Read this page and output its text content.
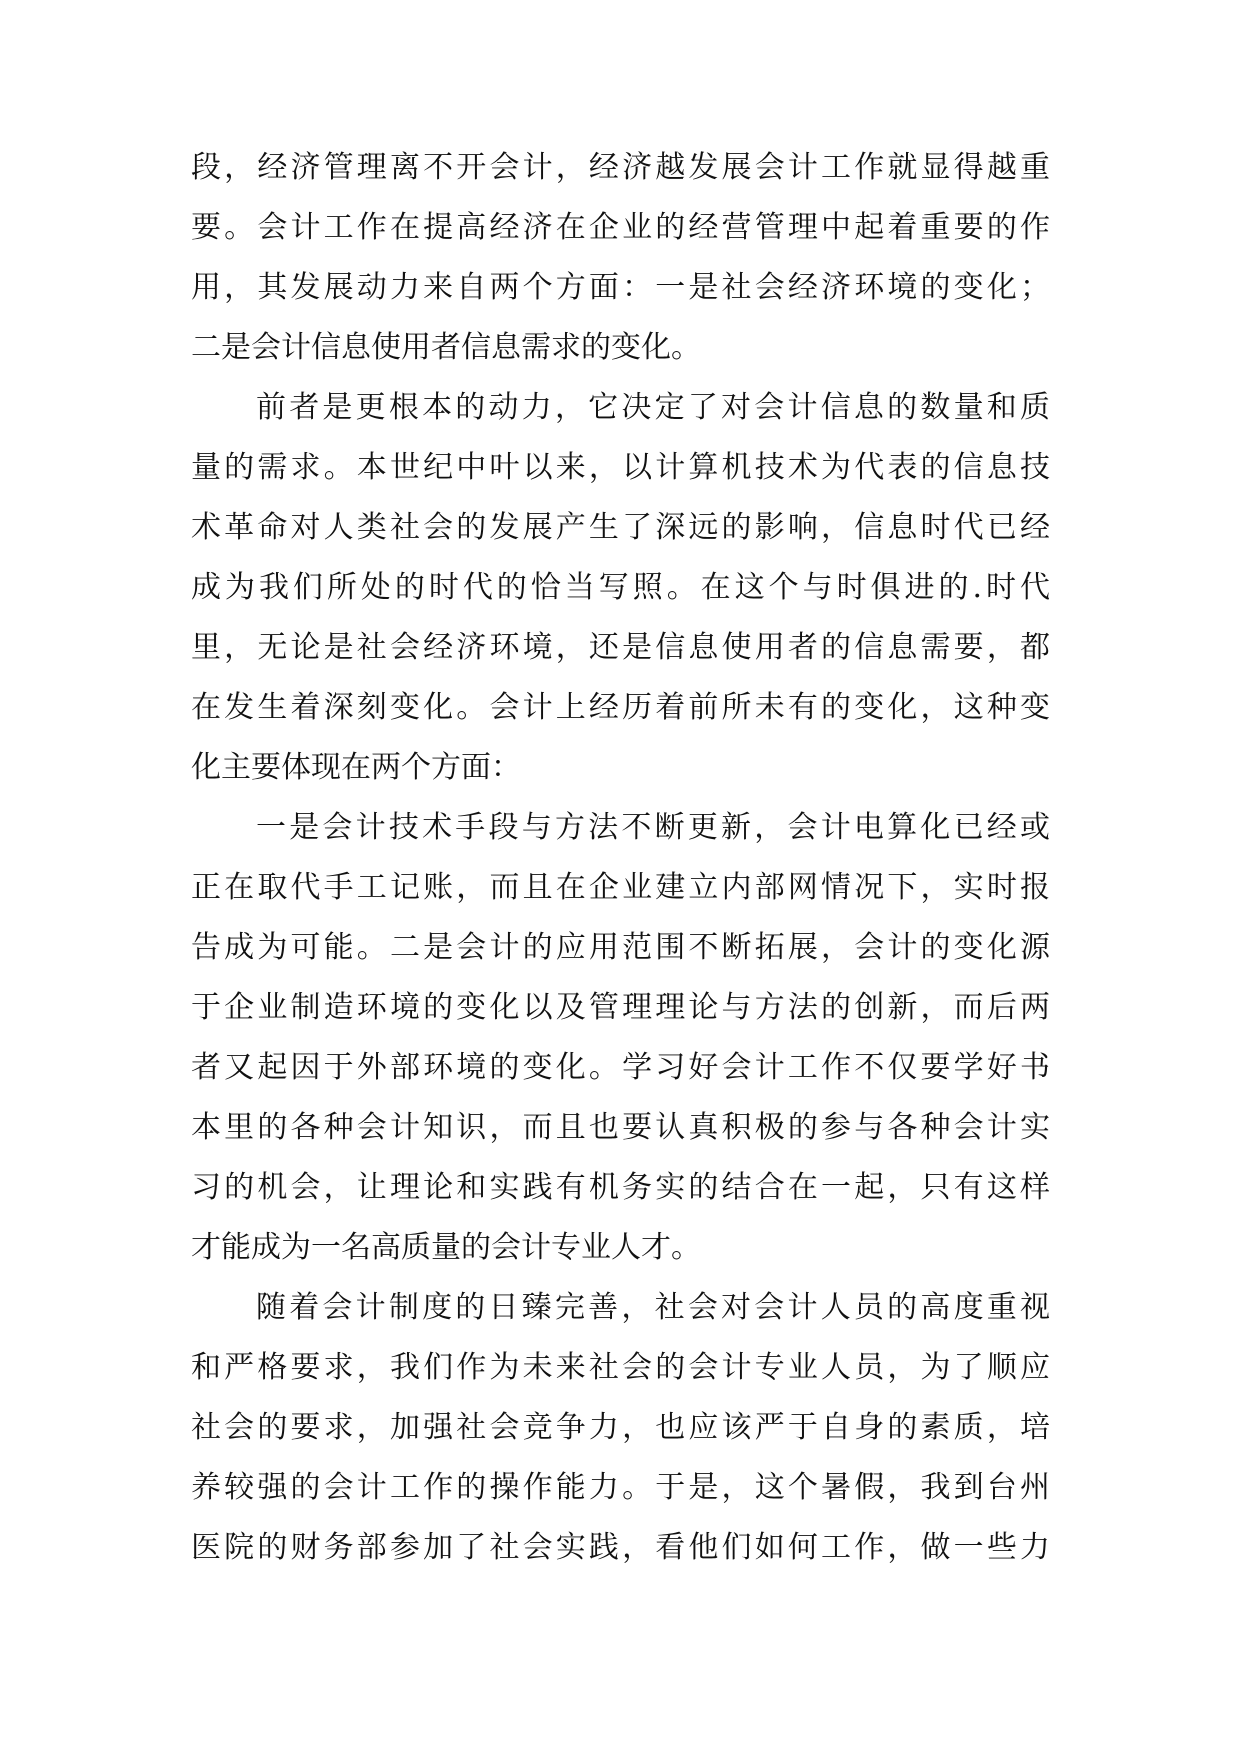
段，经济管理离不开会计，经济越发展会计工作就显得越重
要。会计工作在提高经济在企业的经营管理中起着重要的作
用，其发展动力来自两个方面：一是社会经济环境的变化；
二是会计信息使用者信息需求的变化。
前者是更根本的动力，它决定了对会计信息的数量和质
量的需求。本世纪中叶以来，以计算机技术为代表的信息技
术革命对人类社会的发展产生了深远的影响，信息时代已经
成为我们所处的时代的恰当写照。在这个与时俱进的.时代
里，无论是社会经济环境，还是信息使用者的信息需要，都
在发生着深刻变化。会计上经历着前所未有的变化，这种变
化主要体现在两个方面：
一是会计技术手段与方法不断更新，会计电算化已经或
正在取代手工记账，而且在企业建立内部网情况下，实时报
告成为可能。二是会计的应用范围不断拓展，会计的变化源
于企业制造环境的变化以及管理理论与方法的创新，而后两
者又起因于外部环境的变化。学习好会计工作不仅要学好书
本里的各种会计知识，而且也要认真积极的参与各种会计实
习的机会，让理论和实践有机务实的结合在一起，只有这样
才能成为一名高质量的会计专业人才。
随着会计制度的日臻完善，社会对会计人员的高度重视
和严格要求，我们作为未来社会的会计专业人员，为了顺应
社会的要求，加强社会竞争力，也应该严于自身的素质，培
养较强的会计工作的操作能力。于是，这个暑假，我到台州
医院的财务部参加了社会实践，看他们如何工作，做一些力
